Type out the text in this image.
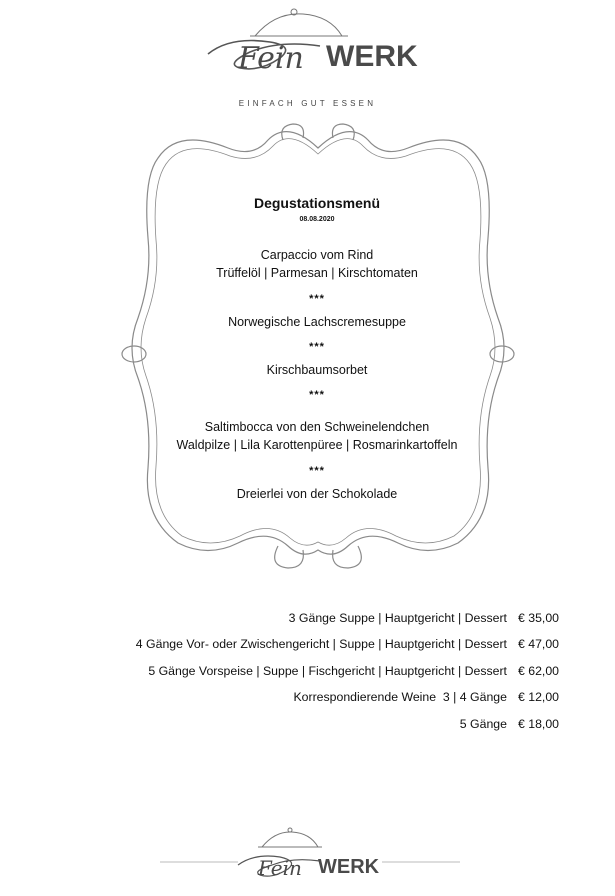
Fein WERK
EINFACH GUT ESSEN
Degustationsmenü
08.08.2020
Carpaccio vom Rind
Trüffelöl | Parmesan | Kirschtomaten
***
Norwegische Lachscremesuppe
***
Kirschbaumsorbet
***
Saltimbocca von den Schweinelendchen
Waldpilze | Lila Karottenpüree | Rosmarinkartoffeln
***
Dreierlei von der Schokolade
3 Gänge Suppe | Hauptgericht | Dessert € 35,00
4 Gänge Vor- oder Zwischengericht | Suppe | Hauptgericht | Dessert € 47,00
5 Gänge Vorspeise | Suppe | Fischgericht | Hauptgericht | Dessert € 62,00
Korrespondierende Weine  3 | 4 Gänge € 12,00
5 Gänge € 18,00
Fein WERK
